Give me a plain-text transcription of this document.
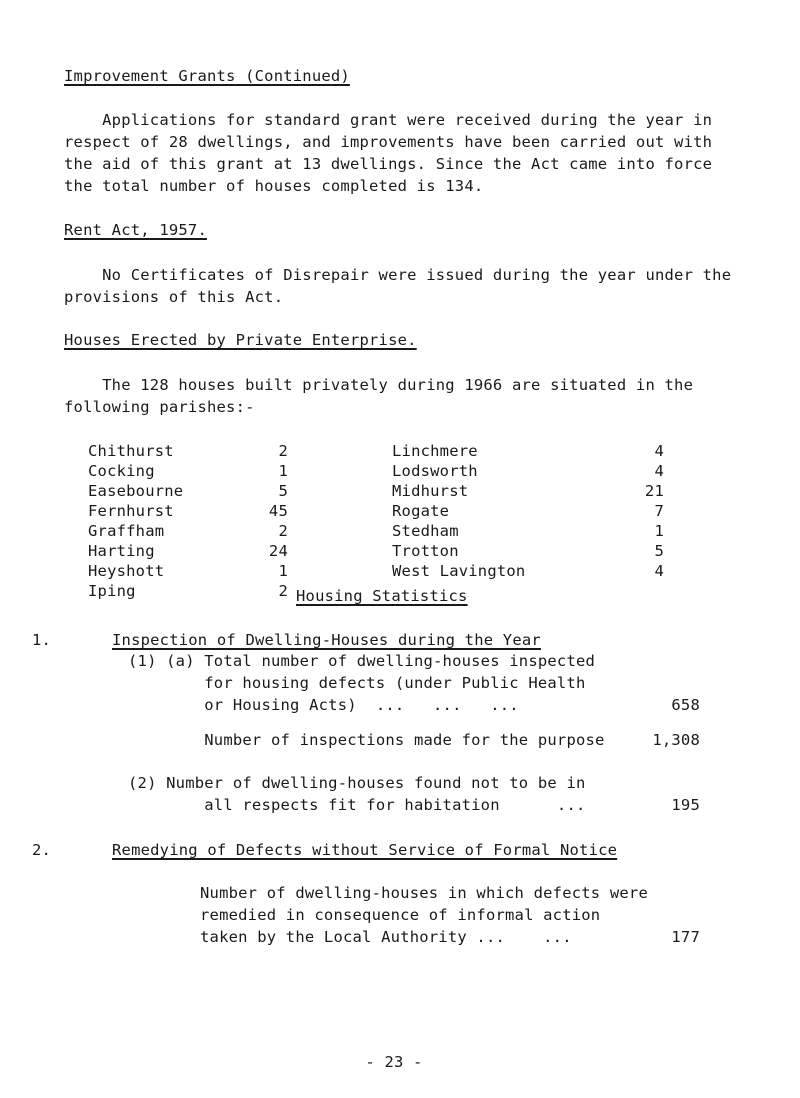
Improvement Grants (Continued)
Applications for standard grant were received during the year in
respect of 28 dwellings, and improvements have been carried out with
the aid of this grant at 13 dwellings. Since the Act came into force
the total number of houses completed is 134.
Rent Act, 1957.
No Certificates of Disrepair were issued during the year under the
provisions of this Act.
Houses Erected by Private Enterprise.
The 128 houses built privately during 1966 are situated in the
following parishes:-
Chithurst	2
Cocking	1
Easebourne	5
Fernhurst	45
Graffham	2
Harting	24
Heyshott	1
Iping	2
Linchmere	4
Lodsworth	4
Midhurst	21
Rogate	7
Stedham	1
Trotton	5
West Lavington	4
Housing Statistics
1.	Inspection of Dwelling-Houses during the Year
(1) (a) Total number of dwelling-houses inspected
for housing defects (under Public Health
or Housing Acts)  ...   ...   ...	658
Number of inspections made for the purpose	1,308
(2) Number of dwelling-houses found not to be in
all respects fit for habitation      ...	195
2.	Remedying of Defects without Service of Formal Notice
Number of dwelling-houses in which defects were
remedied in consequence of informal action
taken by the Local Authority ...    ...	177
- 23 -
